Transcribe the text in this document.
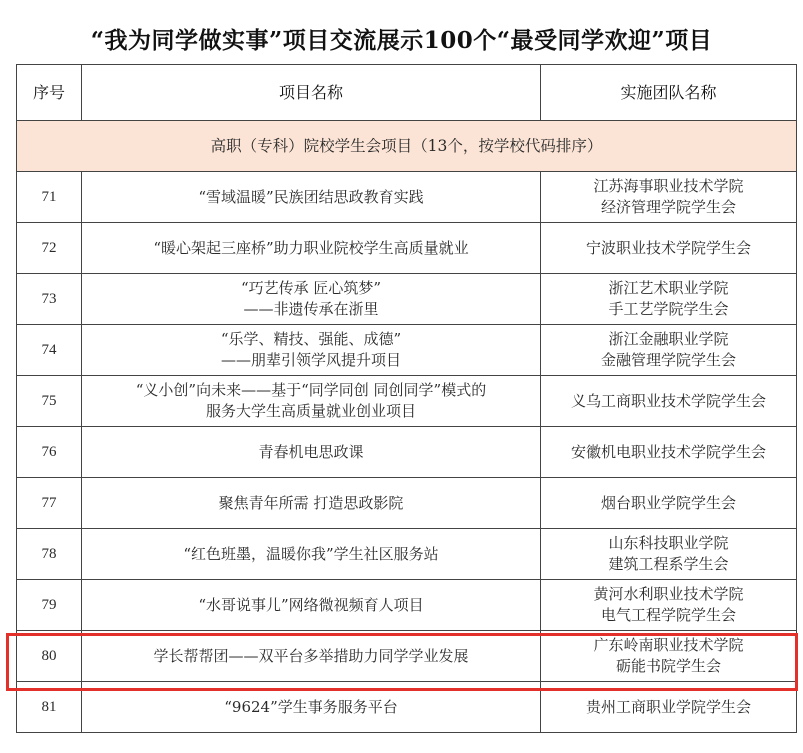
“我为同学做实事”项目交流展示100个“最受同学欢迎”项目
序号	项目名称	实施团队名称
高职（专科）院校学生会项目（13个，按学校代码排序）		
71	“雪域温暖”民族团结思政教育实践	江苏海事职业技术学院
经济管理学院学生会

72	“暖心架起三座桥”助力职业院校学生高质量就业	宁波职业技术学院学生会

73	“巧艺传承 匠心筑梦”
——非遗传承在浙里	浙江艺术职业学院
手工艺学院学生会

74	“乐学、精技、强能、成德”
——朋辈引领学风提升项目	浙江金融职业学院
金融管理学院学生会

75	“义小创”向未来——基于“同学同创 同创同学”模式的
服务大学生高质量就业创业项目	义乌工商职业技术学院学生会

76	青春机电思政课	安徽机电职业技术学院学生会

77	聚焦青年所需 打造思政影院	烟台职业学院学生会

78	“红色班墨，温暖你我”学生社区服务站	山东科技职业学院
建筑工程系学生会

79	“水哥说事儿”网络微视频育人项目	黄河水利职业技术学院
电气工程学院学生会

80	学长帮帮团——双平台多举措助力同学学业发展	广东岭南职业技术学院
砺能书院学生会

81	“9624”学生事务服务平台	贵州工商职业学院学生会
